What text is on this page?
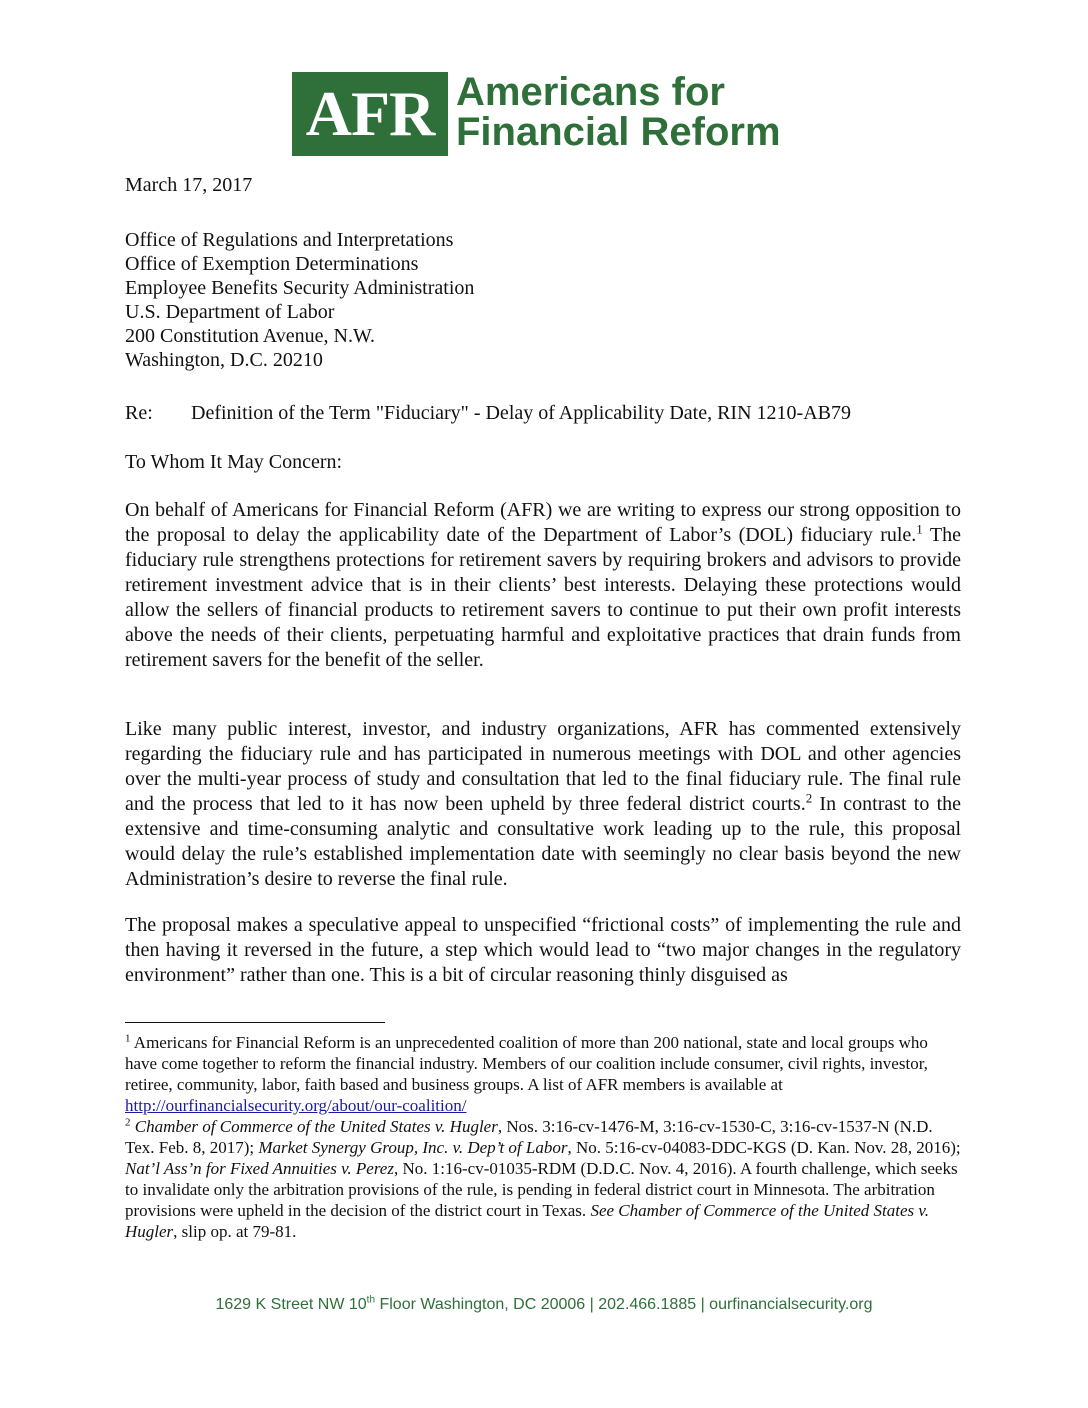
AFR Americans for
Financial Reform
March 17, 2017
Office of Regulations and Interpretations
Office of Exemption Determinations
Employee Benefits Security Administration
U.S. Department of Labor
200 Constitution Avenue, N.W.
Washington, D.C. 20210
Re:	Definition of the Term "Fiduciary" - Delay of Applicability Date, RIN 1210-AB79
To Whom It May Concern:
On behalf of Americans for Financial Reform (AFR) we are writing to express our strong opposition to the proposal to delay the applicability date of the Department of Labor’s (DOL) fiduciary rule.$^1$ The fiduciary rule strengthens protections for retirement savers by requiring brokers and advisors to provide retirement investment advice that is in their clients’ best interests. Delaying these protections would allow the sellers of financial products to retirement savers to continue to put their own profit interests above the needs of their clients, perpetuating harmful and exploitative practices that drain funds from retirement savers for the benefit of the seller.
Like many public interest, investor, and industry organizations, AFR has commented extensively regarding the fiduciary rule and has participated in numerous meetings with DOL and other agencies over the multi-year process of study and consultation that led to the final fiduciary rule. The final rule and the process that led to it has now been upheld by three federal district courts.$^2$ In contrast to the extensive and time-consuming analytic and consultative work leading up to the rule, this proposal would delay the rule’s established implementation date with seemingly no clear basis beyond the new Administration’s desire to reverse the final rule.
The proposal makes a speculative appeal to unspecified “frictional costs” of implementing the rule and then having it reversed in the future, a step which would lead to “two major changes in the regulatory environment” rather than one. This is a bit of circular reasoning thinly disguised as

$^1$ Americans for Financial Reform is an unprecedented coalition of more than 200 national, state and local groups who have come together to reform the financial industry. Members of our coalition include consumer, civil rights, investor, retiree, community, labor, faith based and business groups. A list of AFR members is available at http://ourfinancialsecurity.org/about/our-coalition/

$^2$ Chamber of Commerce of the United States v. Hugler, Nos. 3:16-cv-1476-M, 3:16-cv-1530-C, 3:16-cv-1537-N (N.D. Tex. Feb. 8, 2017); Market Synergy Group, Inc. v. Dep’t of Labor, No. 5:16-cv-04083-DDC-KGS (D. Kan. Nov. 28, 2016); Nat’l Ass’n for Fixed Annuities v. Perez, No. 1:16-cv-01035-RDM (D.D.C. Nov. 4, 2016). A fourth challenge, which seeks to invalidate only the arbitration provisions of the rule, is pending in federal district court in Minnesota. The arbitration provisions were upheld in the decision of the district court in Texas. See Chamber of Commerce of the United States v. Hugler, slip op. at 79-81.

1629 K Street NW 10th Floor Washington, DC 20006 | 202.466.1885 | ourfinancialsecurity.org
